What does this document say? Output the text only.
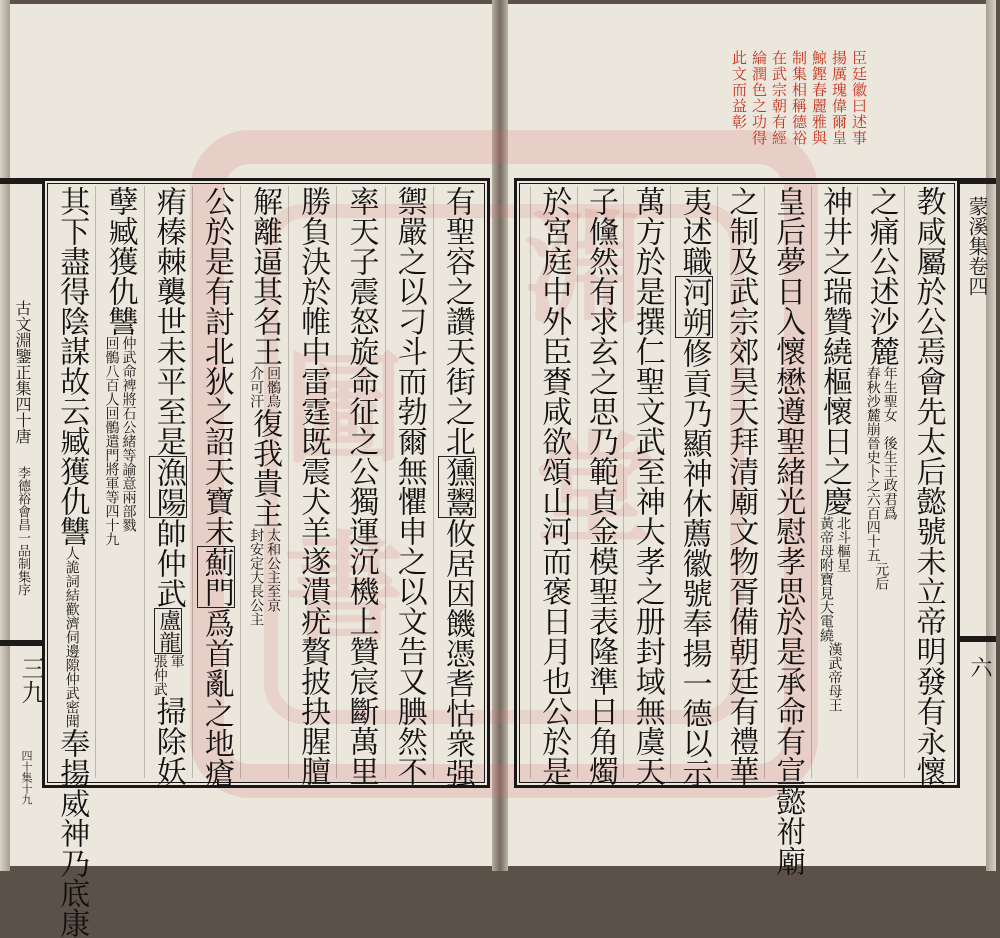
古文淵鑒正集四十唐
李德裕會昌一品制集序
三九
四十集十九
蒙溪集卷四
六
臣廷徽曰述事
揚厲瑰偉爾皇
鯨鏗春麗雅與
制集相稱德裕
在武宗朝有經
綸潤色之功得
此文而益彰
教咸屬於公焉會先太后懿號未立帝明發有永懷
之痛公述沙麓
年生聖女
春秋沙麓崩
後生王政君爲
晉史卜之六百四十五
元后
神井之瑞贊繞樞懷日之慶
北斗樞星
黃帝母附寶見大電繞
漢武帝母王
皇后夢日入懷
懋遵聖緒光慰孝思於是承命有宣懿祔廟
之制及武宗郊昊天拜清廟文物胥備朝廷有禮華
夷述職
河朔
修貢乃顯神休薦徽號奉揚一德以示
萬方於是撰仁聖文武至神大孝之册封域無虞天
子儵然有求玄之思乃範貞金模聖表隆準日角燭
於宮庭中外臣賚咸欲頌山河而褒日月也公於是
有聖容之讚天街之北
獯鬻
攸居因饑憑㖈怙衆强
禦嚴之以刁斗而勃爾無懼申之以文告又腆然不
率天子震怒旋命征之公獨運沉機上贊宸斷萬里
勝負決於帷中雷霆既震犬羊遂潰疣贅披抉腥膻
解離逼其名王
回鶻烏
介可汗
復我貴主
太和公主至京
封安定大長公主
公於是有討北狄之詔天寶末
薊門
爲首亂之地瘡
痏榛棘襲世未平至是
漁陽
帥仲武
盧龍
軍
張仲武
掃除妖
孽臧獲仇讐
仲武命裨將石公緒等諭意兩部戮
回鶻八百人回鶻遣門將軍等四十九
其下盡得陰謀故云臧獲仇讐
人詭詞結歡濟伺邊隙仲武密聞
奉揚威神乃底康
